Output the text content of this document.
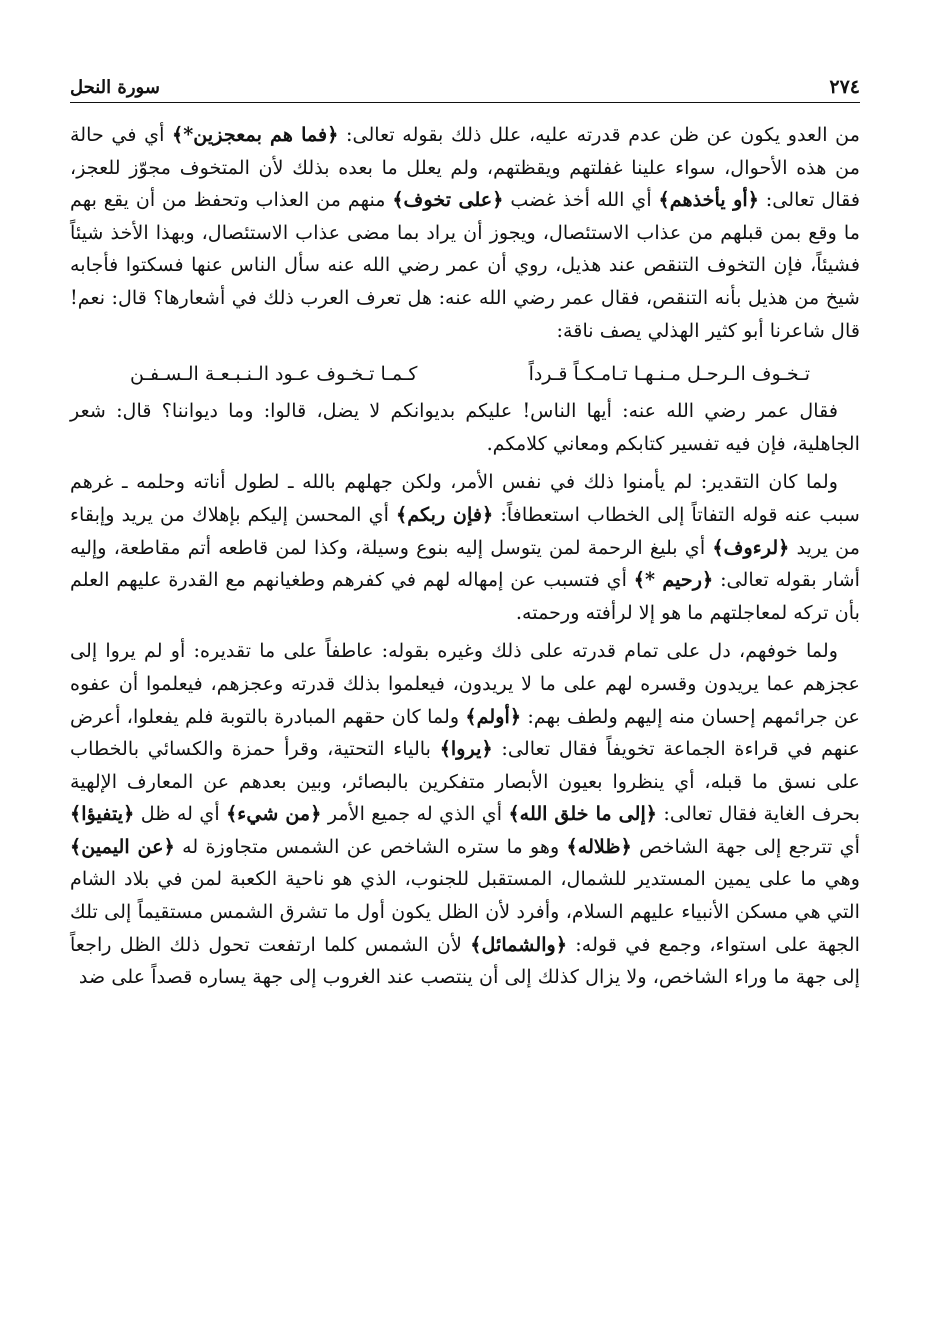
٢٧٤
سورة النحل

من العدو يكون عن ظن عدم قدرته عليه، علل ذلك بقوله تعالى: ﴿فما هم بمعجزين*﴾ أي في حالة من هذه الأحوال، سواء علينا غفلتهم ويقظتهم، ولم يعلل ما بعده بذلك لأن المتخوف مجوّز للعجز، فقال تعالى: ﴿أو يأخذهم﴾ أي الله أخذ غضب ﴿على تخوف﴾ منهم من العذاب وتحفظ من أن يقع بهم ما وقع بمن قبلهم من عذاب الاستئصال، ويجوز أن يراد بما مضى عذاب الاستئصال، وبهذا الأخذ شيئاً فشيئاً، فإن التخوف التنقص عند هذيل، روي أن عمر رضي الله عنه سأل الناس عنها فسكتوا فأجابه شيخ من هذيل بأنه التنقص، فقال عمر رضي الله عنه: هل تعرف العرب ذلك في أشعارها؟ قال: نعم! قال شاعرنا أبو كثير الهذلي يصف ناقة:

تـخـوف الـرحـل مـنـهـا تـامـكـاً قـرداً
كـمـا تـخـوف عـود الـنـبـعـة الـسـفـن

فقال عمر رضي الله عنه: أيها الناس! عليكم بديوانكم لا يضل، قالوا: وما ديواننا؟ قال: شعر الجاهلية، فإن فيه تفسير كتابكم ومعاني كلامكم.

ولما كان التقدير: لم يأمنوا ذلك في نفس الأمر، ولكن جهلهم بالله ـ لطول أناته وحلمه ـ غرهم سبب عنه قوله التفاتاً إلى الخطاب استعطافاً: ﴿فإن ربكم﴾ أي المحسن إليكم بإهلاك من يريد وإبقاء من يريد ﴿لرءوف﴾ أي بليغ الرحمة لمن يتوسل إليه بنوع وسيلة، وكذا لمن قاطعه أتم مقاطعة، وإليه أشار بقوله تعالى: ﴿رحيم *﴾ أي فتسبب عن إمهاله لهم في كفرهم وطغيانهم مع القدرة عليهم العلم بأن تركه لمعاجلتهم ما هو إلا لرأفته ورحمته.

ولما خوفهم، دل على تمام قدرته على ذلك وغيره بقوله: عاطفاً على ما تقديره: أو لم يروا إلى عجزهم عما يريدون وقسره لهم على ما لا يريدون، فيعلموا بذلك قدرته وعجزهم، فيعلموا أن عفوه عن جرائمهم إحسان منه إليهم ولطف بهم: ﴿أولم﴾ ولما كان حقهم المبادرة بالتوبة فلم يفعلوا، أعرض عنهم في قراءة الجماعة تخويفاً فقال تعالى: ﴿يروا﴾ بالياء التحتية، وقرأ حمزة والكسائي بالخطاب على نسق ما قبله، أي ينظروا بعيون الأبصار متفكرين بالبصائر، وبين بعدهم عن المعارف الإلهية بحرف الغاية فقال تعالى: ﴿إلى ما خلق الله﴾ أي الذي له جميع الأمر ﴿من شيء﴾ أي له ظل ﴿يتفيؤا﴾ أي تترجع إلى جهة الشاخص ﴿ظلاله﴾ وهو ما ستره الشاخص عن الشمس متجاوزة له ﴿عن اليمين﴾ وهي ما على يمين المستدير للشمال، المستقبل للجنوب، الذي هو ناحية الكعبة لمن في بلاد الشام التي هي مسكن الأنبياء عليهم السلام، وأفرد لأن الظل يكون أول ما تشرق الشمس مستقيماً إلى تلك الجهة على استواء، وجمع في قوله: ﴿والشمائل﴾ لأن الشمس كلما ارتفعت تحول ذلك الظل راجعاً إلى جهة ما وراء الشاخص، ولا يزال كذلك إلى أن ينتصب عند الغروب إلى جهة يساره قصداً على ضد
